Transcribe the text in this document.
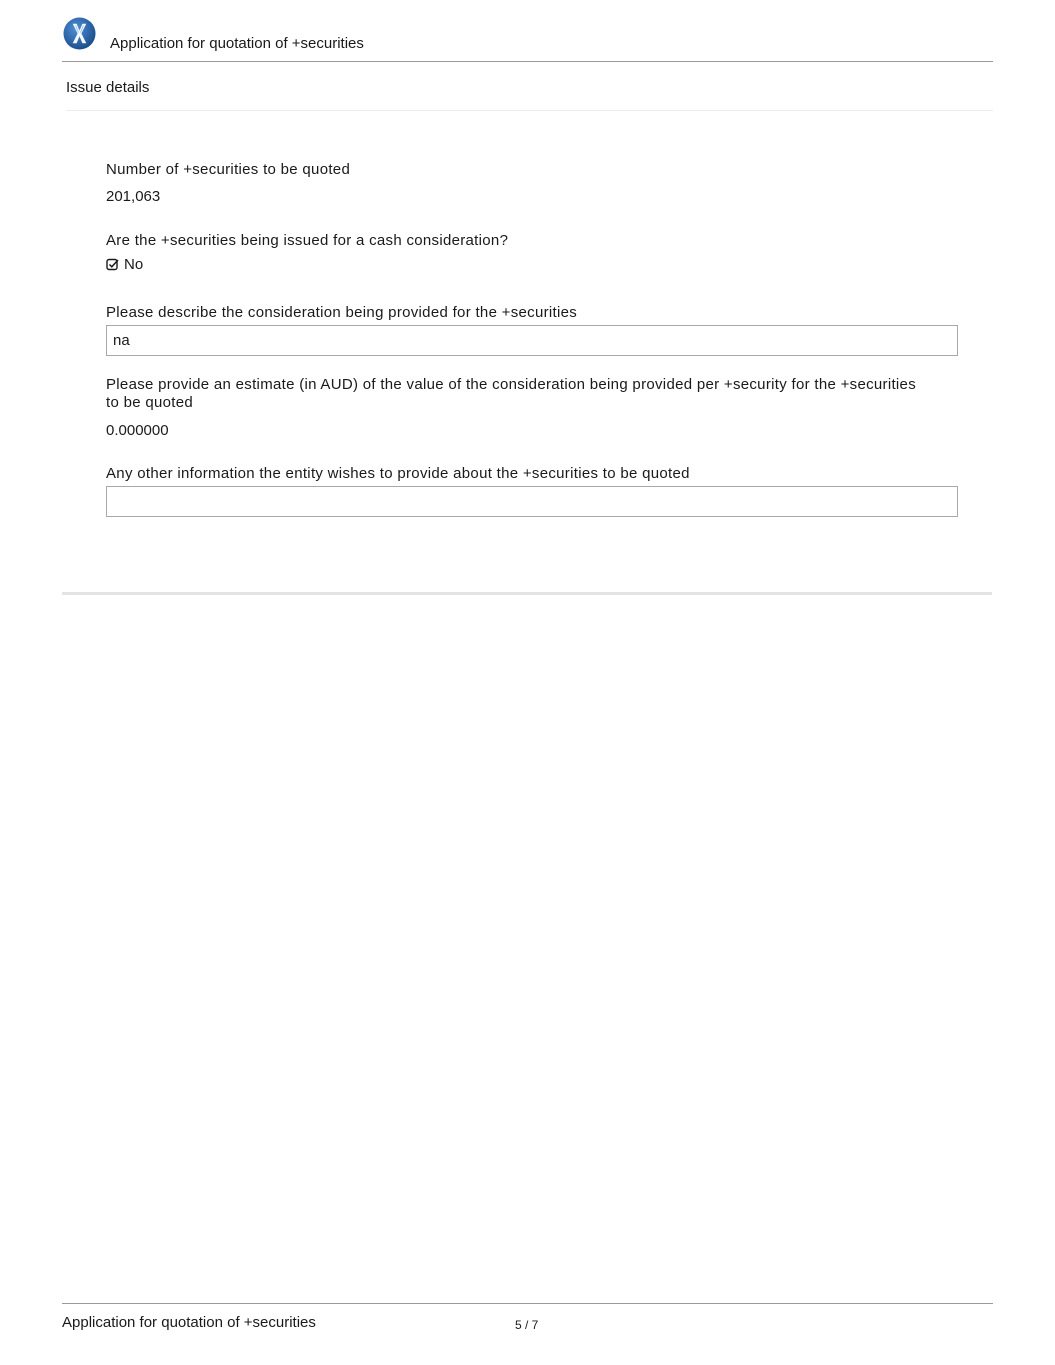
Application for quotation of +securities
Issue details
Number of +securities to be quoted
201,063
Are the +securities being issued for a cash consideration?
No
Please describe the consideration being provided for the +securities
na
Please provide an estimate (in AUD) of the value of the consideration being provided per +security for the +securities to be quoted
0.000000
Any other information the entity wishes to provide about the +securities to be quoted
Application for quotation of +securities	5 / 7
